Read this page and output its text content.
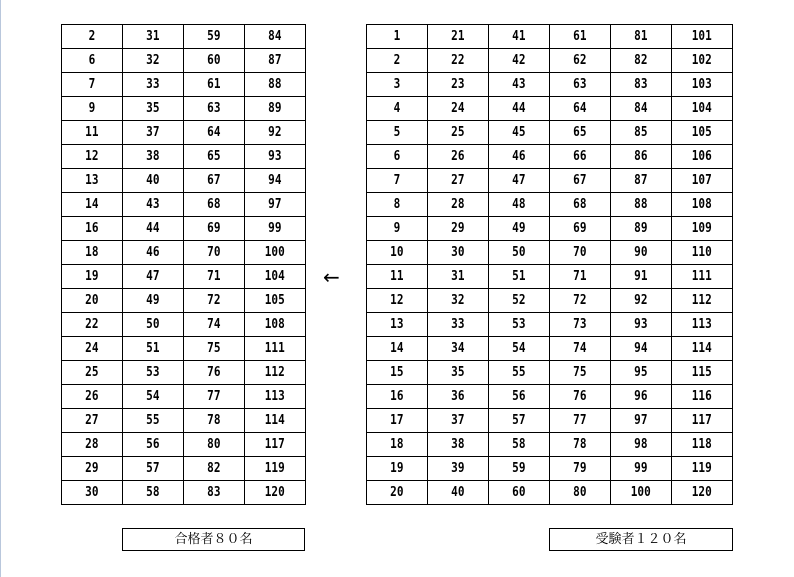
2	31	59	84
6	32	60	87
7	33	61	88
9	35	63	89
11	37	64	92
12	38	65	93
13	40	67	94
14	43	68	97
16	44	69	99
18	46	70	100
19	47	71	104
20	49	72	105
22	50	74	108
24	51	75	111
25	53	76	112
26	54	77	113
27	55	78	114
28	56	80	117
29	57	82	119
30	58	83	120
←
1	21	41	61	81	101
2	22	42	62	82	102
3	23	43	63	83	103
4	24	44	64	84	104
5	25	45	65	85	105
6	26	46	66	86	106
7	27	47	67	87	107
8	28	48	68	88	108
9	29	49	69	89	109
10	30	50	70	90	110
11	31	51	71	91	111
12	32	52	72	92	112
13	33	53	73	93	113
14	34	54	74	94	114
15	35	55	75	95	115
16	36	56	76	96	116
17	37	57	77	97	117
18	38	58	78	98	118
19	39	59	79	99	119
20	40	60	80	100	120
合格者８０名	受験者１２０名
